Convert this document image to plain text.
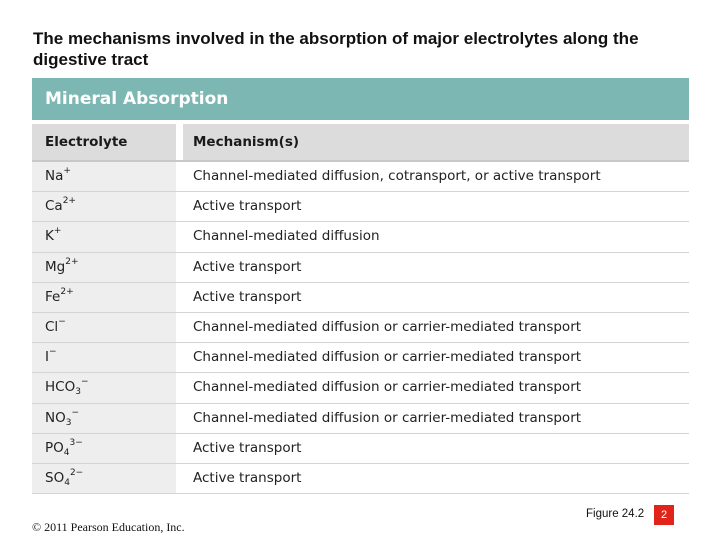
The mechanisms involved in the absorption of major electrolytes along the digestive tract
Mineral Absorption
Electrolyte	Mechanism(s)
Na+	Channel-mediated diffusion, cotransport, or active transport
$Ca^{2+}$	Active transport
K+	Channel-mediated diffusion
$Mg^{2+}$	Active transport
$Fe^{2+}$	Active transport
Cl−	Channel-mediated diffusion or carrier-mediated transport
I−	Channel-mediated diffusion or carrier-mediated transport
$HCO_3^-$	Channel-mediated diffusion or carrier-mediated transport
$NO_3^-$	Channel-mediated diffusion or carrier-mediated transport
$PO_4^{3-}$	Active transport
$SO_4^{2-}$	Active transport
© 2011 Pearson Education, Inc.
Figure 24.2	2
